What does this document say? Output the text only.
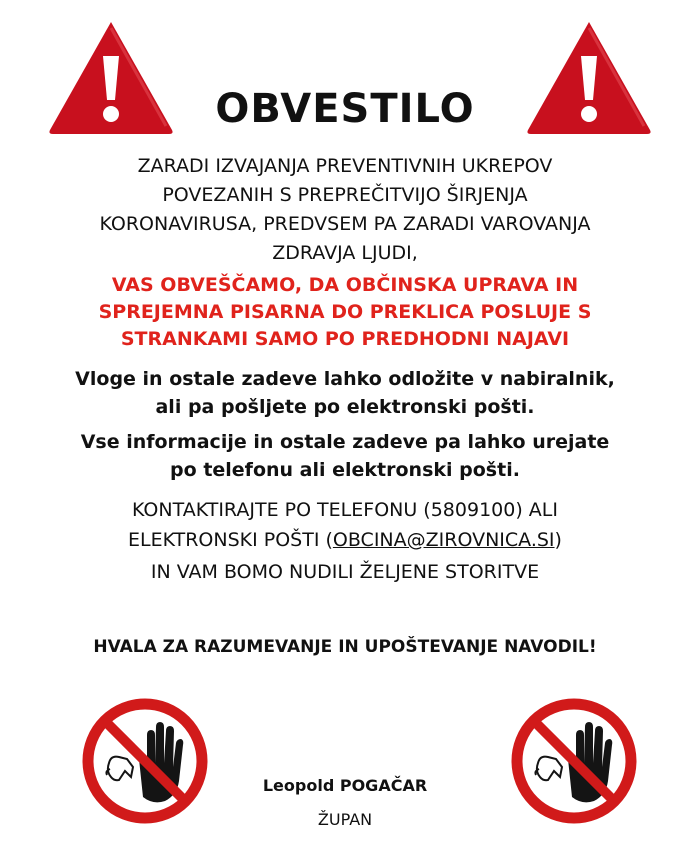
OBVESTILO
ZARADI IZVAJANJA PREVENTIVNIH UKREPOV
POVEZANIH S PREPREČITVIJO ŠIRJENJA
KORONAVIRUSA, PREDVSEM PA ZARADI VAROVANJA
ZDRAVJA LJUDI,
VAS OBVEŠČAMO, DA OBČINSKA UPRAVA IN
SPREJEMNA PISARNA DO PREKLICA POSLUJE S
STRANKAMI SAMO PO PREDHODNI NAJAVI
Vloge in ostale zadeve lahko odložite v nabiralnik,
ali pa pošljete po elektronski pošti.
Vse informacije in ostale zadeve pa lahko urejate
po telefonu ali elektronski pošti.
KONTAKTIRAJTE PO TELEFONU (5809100) ALI
ELEKTRONSKI POŠTI (OBCINA@ZIROVNICA.SI)
IN VAM BOMO NUDILI ŽELJENE STORITVE
HVALA ZA RAZUMEVANJE IN UPOŠTEVANJE NAVODIL!
Leopold POGAČAR
ŽUPAN
